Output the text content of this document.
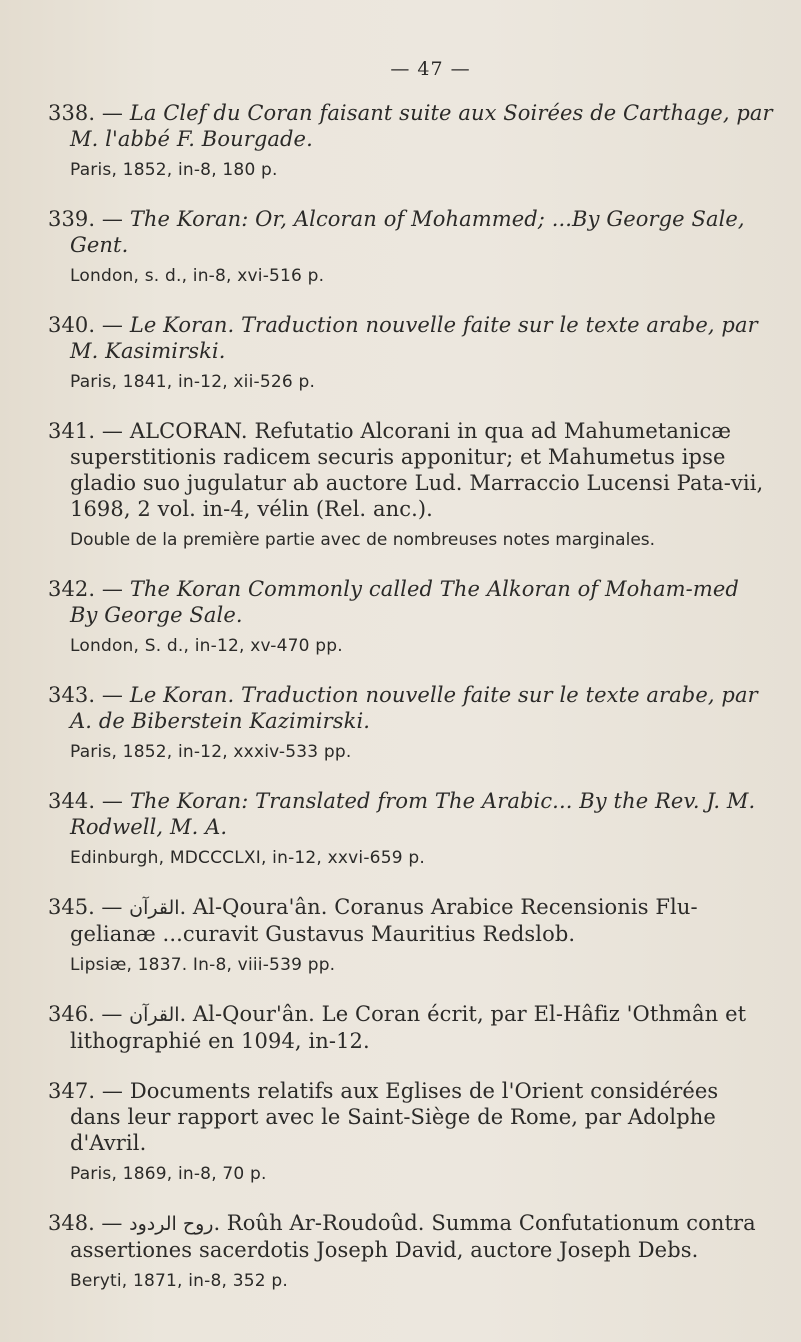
— 47 —
338. — La Clef du Coran faisant suite aux Soirées de Carthage, par M. l'abbé F. Bourgade.
Paris, 1852, in-8, 180 p.
339. — The Koran: Or, Alcoran of Mohammed; ...By George Sale, Gent.
London, s. d., in-8, xvi-516 p.
340. — Le Koran. Traduction nouvelle faite sur le texte arabe, par M. Kasimirski.
Paris, 1841, in-12, xii-526 p.
341. — ALCORAN. Refutatio Alcorani in qua ad Mahumetanicæ superstitionis radicem securis apponitur; et Mahumetus ipse gladio suo jugulatur ab auctore Lud. Marraccio Lucensi Pata-vii, 1698, 2 vol. in-4, vélin (Rel. anc.).
Double de la première partie avec de nombreuses notes marginales.
342. — The Koran Commonly called The Alkoran of Moham-med By George Sale.
London, S. d., in-12, xv-470 pp.
343. — Le Koran. Traduction nouvelle faite sur le texte arabe, par A. de Biberstein Kazimirski.
Paris, 1852, in-12, xxxiv-533 pp.
344. — The Koran: Translated from The Arabic... By the Rev. J. M. Rodwell, M. A.
Edinburgh, MDCCCLXI, in-12, xxvi-659 p.
345. — القرآن. Al-Qoura'ân. Coranus Arabice Recensionis Flu-gelianæ ...curavit Gustavus Mauritius Redslob.
Lipsiæ, 1837. In-8, viii-539 pp.
346. — القرآن. Al-Qour'ân. Le Coran écrit, par El-Hâfiz 'Othmân et lithographié en 1094, in-12.
347. — Documents relatifs aux Eglises de l'Orient considérées dans leur rapport avec le Saint-Siège de Rome, par Adolphe d'Avril.
Paris, 1869, in-8, 70 p.
348. — روح الردود. Roûh Ar-Roudoûd. Summa Confutationum contra assertiones sacerdotis Joseph David, auctore Joseph Debs.
Beryti, 1871, in-8, 352 p.
